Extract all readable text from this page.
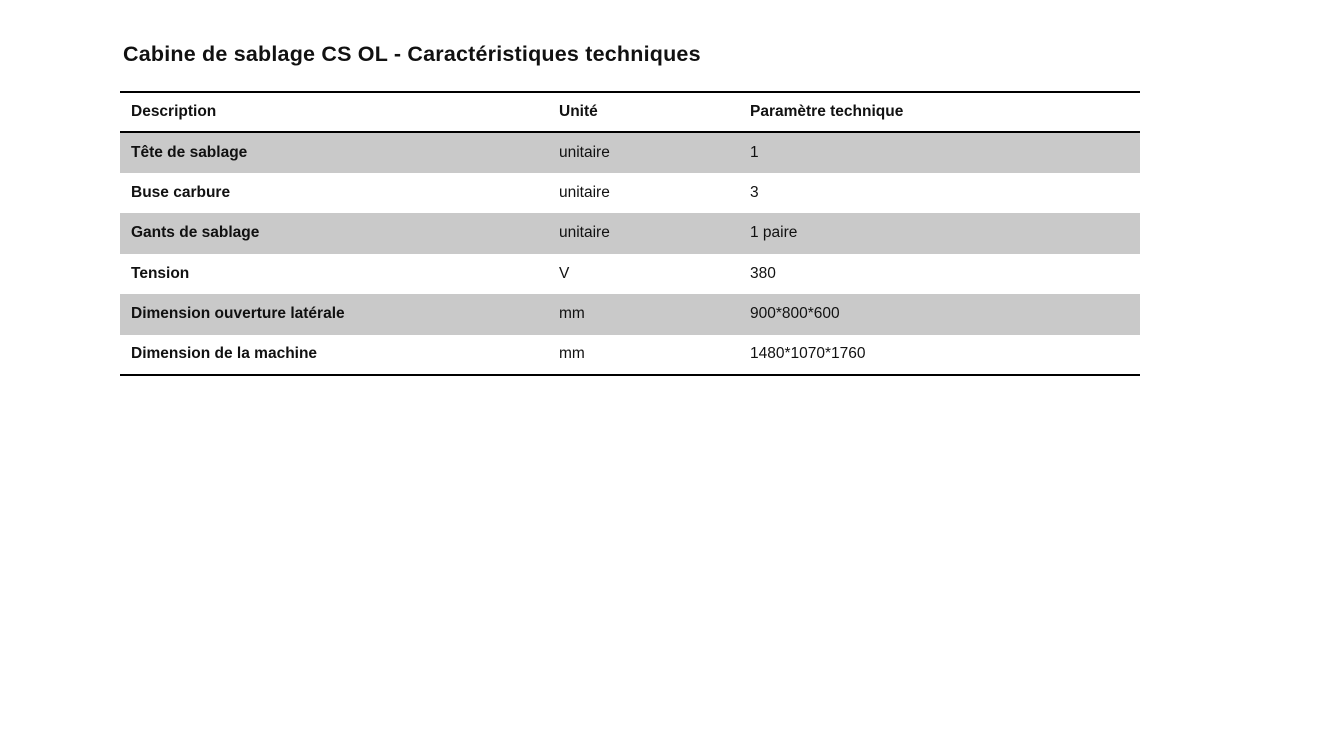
Cabine de sablage CS OL - Caractéristiques techniques
Description	Unité	Paramètre technique
Tête de sablage	unitaire	1
Buse carbure	unitaire	3
Gants de sablage	unitaire	1 paire
Tension	V	380
Dimension ouverture latérale	mm	900*800*600
Dimension de la machine	mm	1480*1070*1760
